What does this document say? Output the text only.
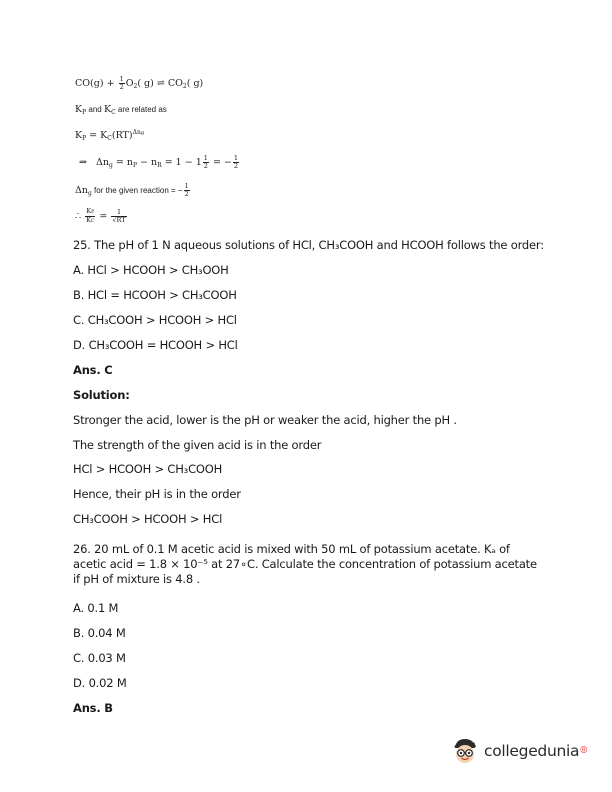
$CO(g) + \frac{1}{2} O_2$( g) ⇌ $CO_2$( g)
$K_P$ and $K_C$ are related as
$K_P = K_C(RT)^{\Delta ng}$
⇒ $\Delta n_g = n_P - n_R = 1 - 1 \frac{1}{2}$ = − $\frac{1}{2}$
$\Delta n_g$ for the given reaction = − $\frac{1}{2}$
∴ $\frac{KP}{KC} = \frac{1}{√RT}$
25. The pH of 1 N aqueous solutions of HCl, CH₃COOH and HCOOH follows the order:
A. HCl > HCOOH > CH₃OOH
B. HCl = HCOOH > CH₃COOH
C. CH₃COOH > HCOOH > HCl
D. CH₃COOH = HCOOH > HCl
Ans. C
Solution:
Stronger the acid, lower is the pH or weaker the acid, higher the pH .
The strength of the given acid is in the order
HCl > HCOOH > CH₃COOH
Hence, their pH is in the order
CH₃COOH > HCOOH > HCl
26. 20 mL of 0.1 M acetic acid is mixed with 50 mL of potassium acetate. Kₐ of acetic acid = 1.8 × 10⁻⁵ at 27∘C. Calculate the concentration of potassium acetate if pH of mixture is 4.8 .
A. 0.1 M
B. 0.04 M
C. 0.03 M
D. 0.02 M
Ans. B
collegedunia ®
